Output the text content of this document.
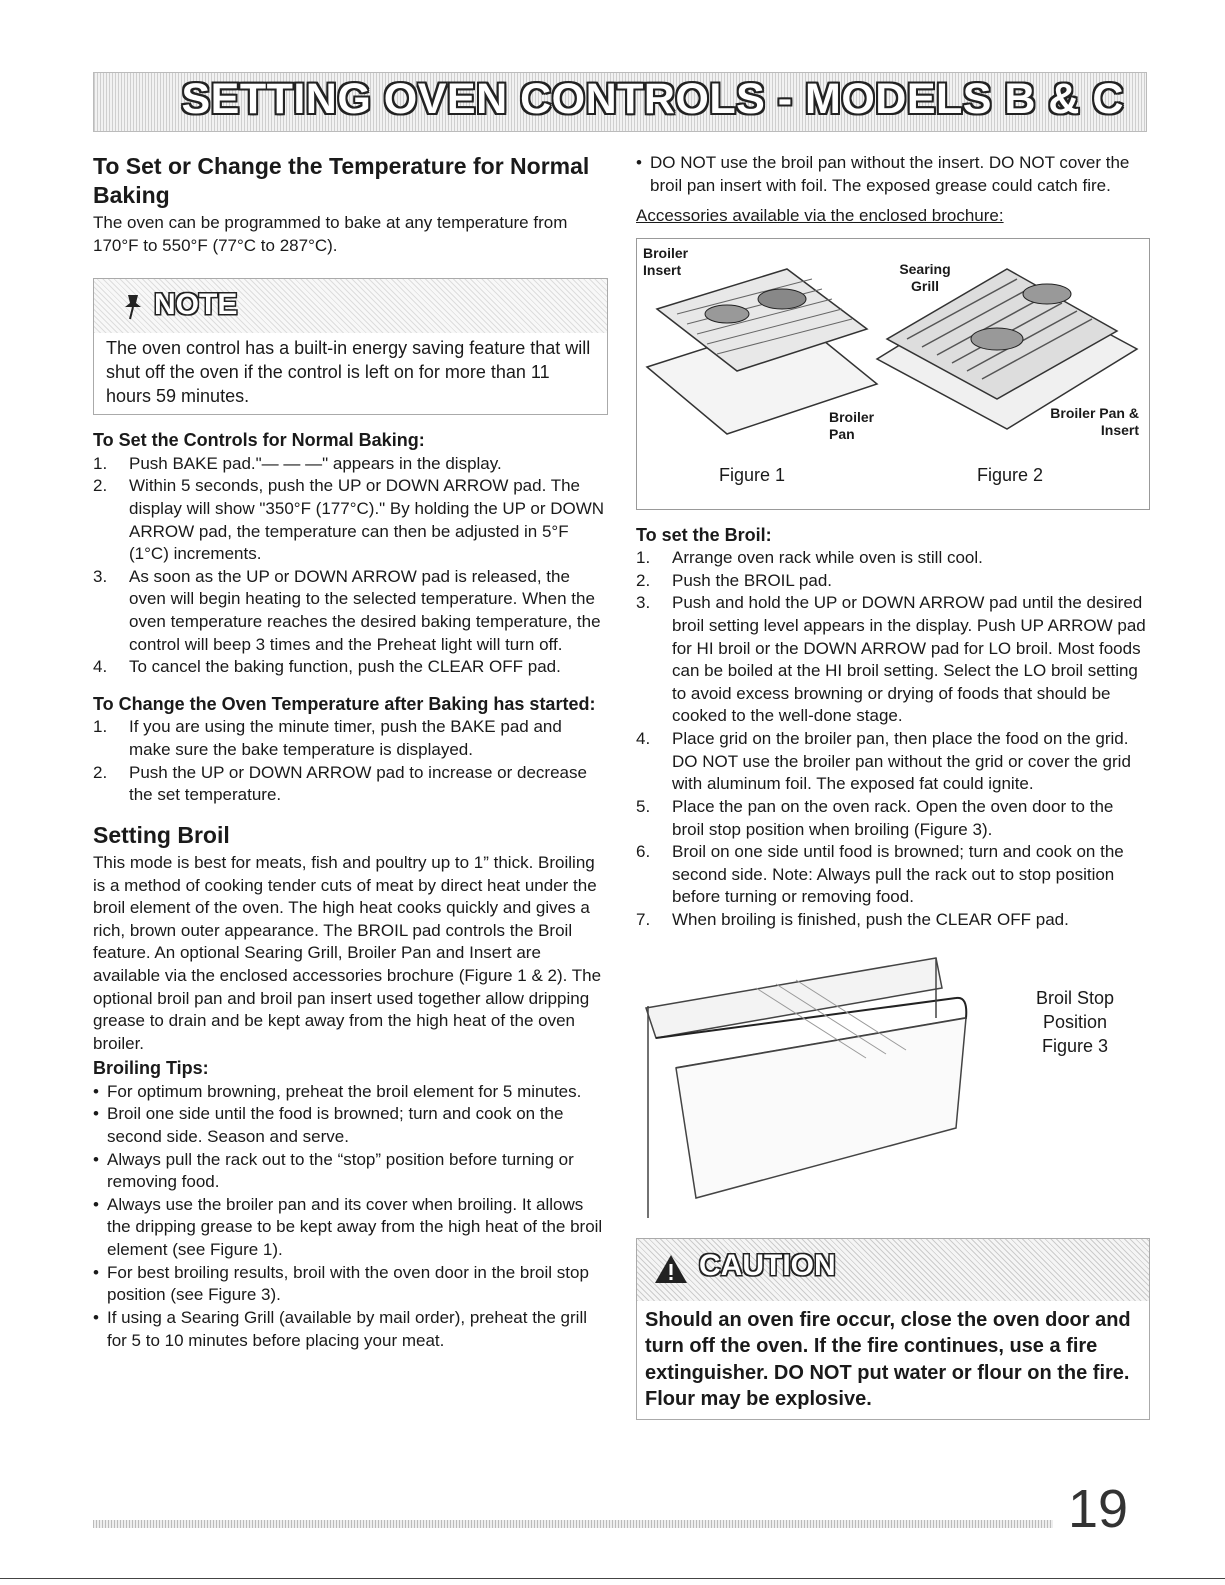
SETTING OVEN CONTROLS - MODELS B & C
To Set or Change the Temperature for Normal Baking

The oven can be programmed to bake at any temperature from 170°F to 550°F (77°C to 287°C).

NOTE
The oven control has a built-in energy saving feature that will shut off the oven if the control is left on for more than 11 hours 59 minutes.
To Set the Controls for Normal Baking:
1. Push BAKE pad."— — —" appears in the display.
2. Within 5 seconds, push the UP or DOWN ARROW pad. The display will show "350°F (177°C)." By holding the UP or DOWN ARROW pad, the temperature can then be adjusted in 5°F (1°C) increments.
3. As soon as the UP or DOWN ARROW pad is released, the oven will begin heating to the selected temperature. When the oven temperature reaches the desired baking temperature, the control will beep 3 times and the Preheat light will turn off.
4. To cancel the baking function, push the CLEAR OFF pad.
To Change the Oven Temperature after Baking has started:
1. If you are using the minute timer, push the BAKE pad and make sure the bake temperature is displayed.
2. Push the UP or DOWN ARROW pad to increase or decrease the set temperature.
Setting Broil

This mode is best for meats, fish and poultry up to 1” thick. Broiling is a method of cooking tender cuts of meat by direct heat under the broil element of the oven. The high heat cooks quickly and gives a rich, brown outer appearance. The BROIL pad controls the Broil feature. An optional Searing Grill, Broiler Pan and Insert are available via the enclosed accessories brochure (Figure 1 & 2). The optional broil pan and broil pan insert used together allow dripping grease to drain and be kept away from the high heat of the oven broiler.

Broiling Tips:
• For optimum browning, preheat the broil element for 5 minutes.
• Broil one side until the food is browned; turn and cook on the second side. Season and serve.
• Always pull the rack out to the “stop” position before turning or removing food.
• Always use the broiler pan and its cover when broiling. It allows the dripping grease to be kept away from the high heat of the broil element (see Figure 1).
• For best broiling results, broil with the oven door in the broil stop position (see Figure 3).
• If using a Searing Grill (available by mail order), preheat the grill for 5 to 10 minutes before placing your meat.
• DO NOT use the broil pan without the insert. DO NOT cover the broil pan insert with foil. The exposed grease could catch fire.

Accessories available via the enclosed brochure:

Broiler Insert	Searing Grill
Broiler Pan
Broiler Pan & Insert
Figure 1	Figure 2
To set the Broil:
1. Arrange oven rack while oven is still cool.
2. Push the BROIL pad.
3. Push and hold the UP or DOWN ARROW pad until the desired broil setting level appears in the display. Push UP ARROW pad for HI broil or the DOWN ARROW pad for LO broil. Most foods can be boiled at the HI broil setting. Select the LO broil setting to avoid excess browning or drying of foods that should be cooked to the well-done stage.
4. Place grid on the broiler pan, then place the food on the grid. DO NOT use the broiler pan without the grid or cover the grid with aluminum foil. The exposed fat could ignite.
5. Place the pan on the oven rack. Open the oven door to the broil stop position when broiling (Figure 3).
6. Broil on one side until food is browned; turn and cook on the second side. Note: Always pull the rack out to stop position before turning or removing food.
7. When broiling is finished, push the CLEAR OFF pad.
Broil Stop
Position
Figure 3
CAUTION
Should an oven fire occur, close the oven door and turn off the oven. If the fire continues, use a fire extinguisher. DO NOT put water or flour on the fire. Flour may be explosive.
19
